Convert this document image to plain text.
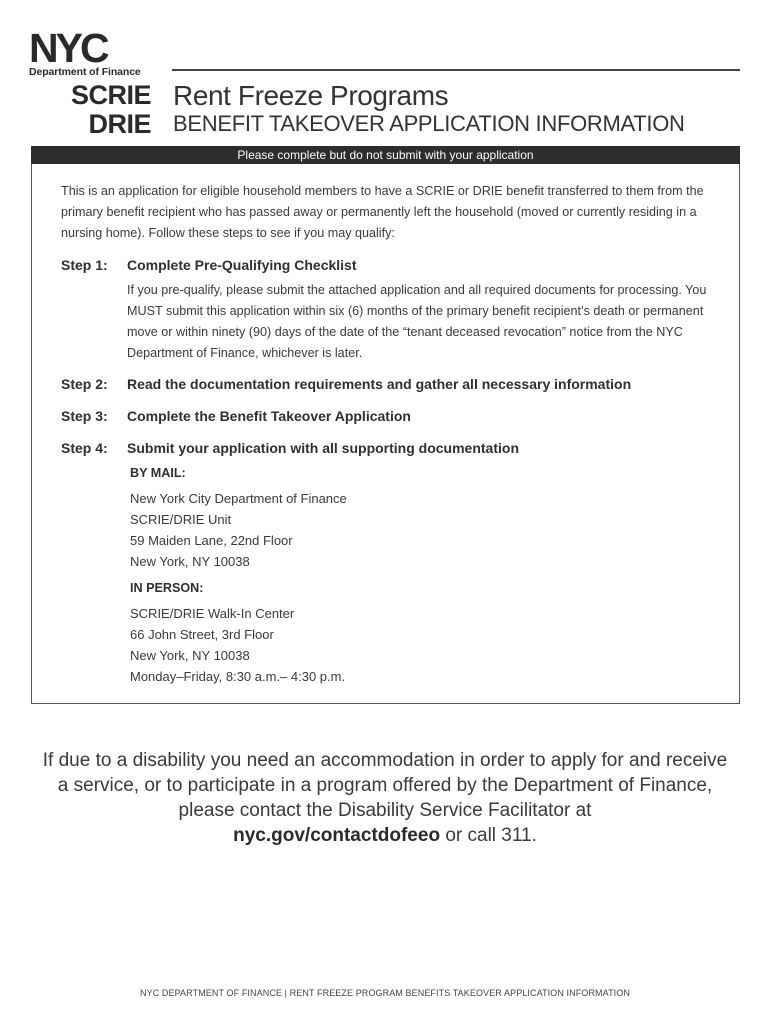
NYC
Department of Finance
SCRIE
DRIE
Rent Freeze Programs
BENEFIT TAKEOVER APPLICATION INFORMATION
Please complete but do not submit with your application
This is an application for eligible household members to have a SCRIE or DRIE benefit transferred to them from the primary benefit recipient who has passed away or permanently left the household (moved or currently residing in a nursing home). Follow these steps to see if you may qualify:
Step 1: Complete Pre-Qualifying Checklist
If you pre-qualify, please submit the attached application and all required documents for processing. You MUST submit this application within six (6) months of the primary benefit recipient’s death or permanent move or within ninety (90) days of the date of the “tenant deceased revocation” notice from the NYC Department of Finance, whichever is later.
Step 2: Read the documentation requirements and gather all necessary information
Step 3: Complete the Benefit Takeover Application
Step 4: Submit your application with all supporting documentation
BY MAIL:
New York City Department of Finance
SCRIE/DRIE Unit
59 Maiden Lane, 22nd Floor
New York, NY 10038
IN PERSON:
SCRIE/DRIE Walk-In Center
66 John Street, 3rd Floor
New York, NY 10038
Monday–Friday, 8:30 a.m.– 4:30 p.m.
If due to a disability you need an accommodation in order to apply for and receive a service, or to participate in a program offered by the Department of Finance, please contact the Disability Service Facilitator at
nyc.gov/contactdofeeo or call 311.
NYC DEPARTMENT OF FINANCE | RENT FREEZE PROGRAM BENEFITS TAKEOVER APPLICATION INFORMATION
